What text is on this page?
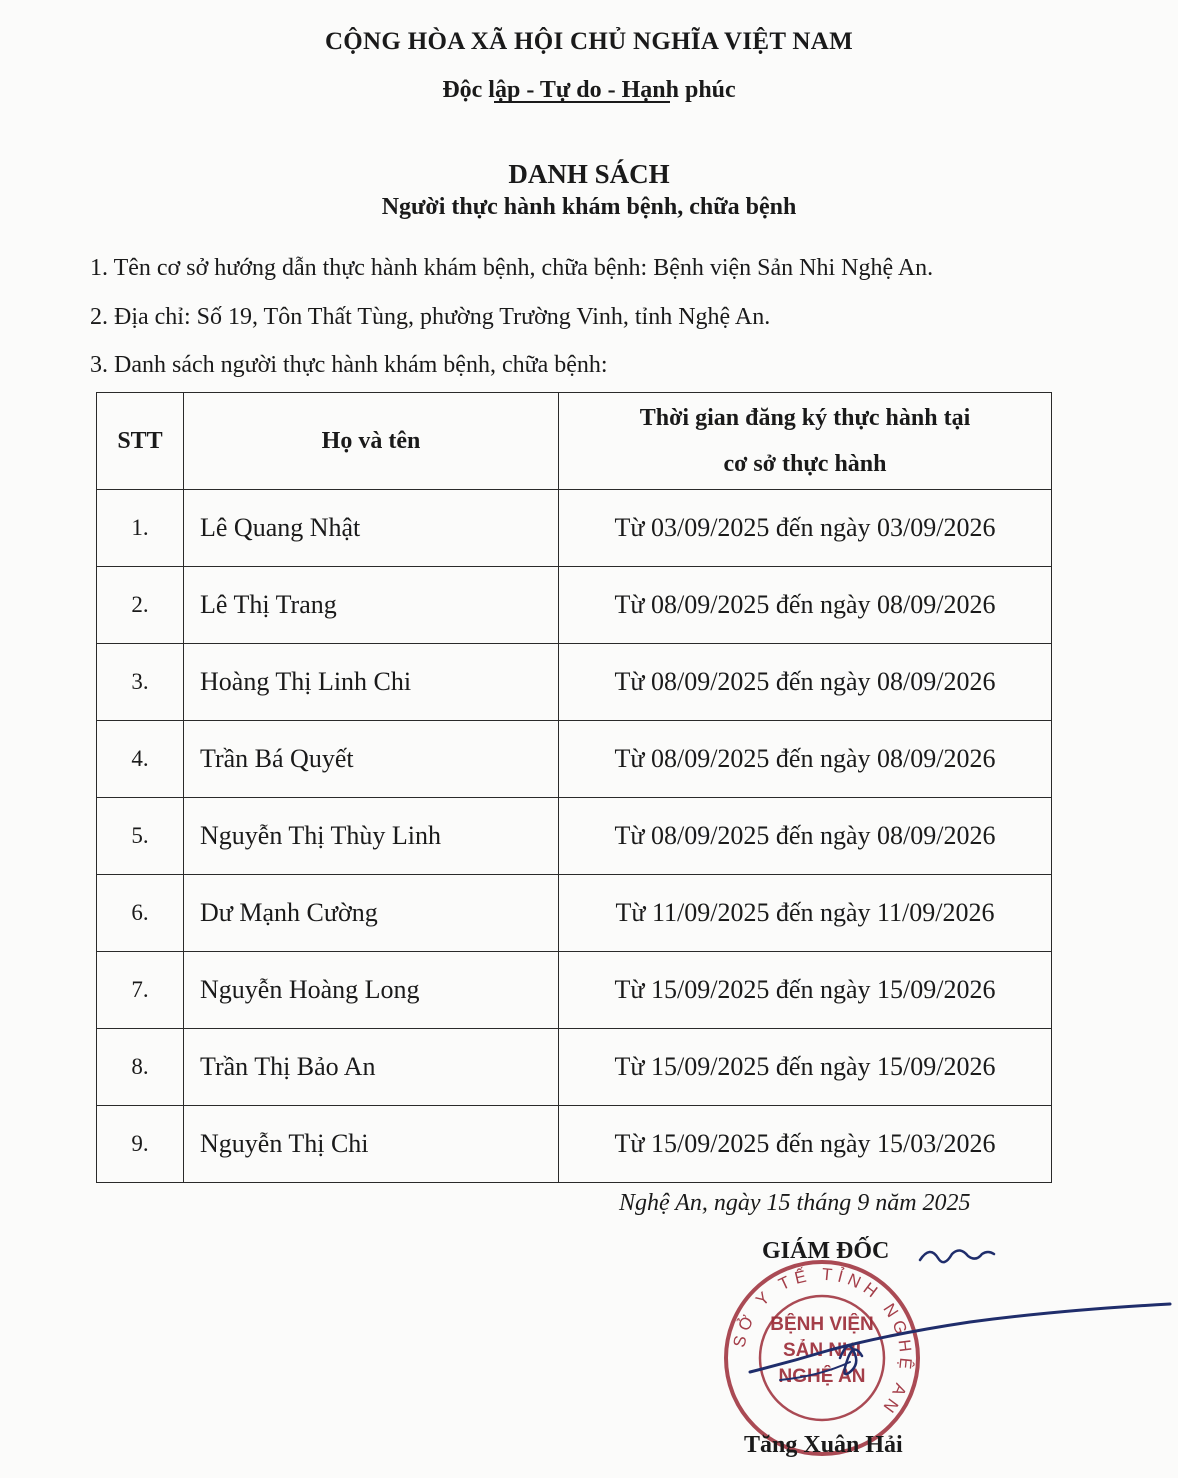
CỘNG HÒA XÃ HỘI CHỦ NGHĨA VIỆT NAM
Độc lập - Tự do - Hạnh phúc
DANH SÁCH
Người thực hành khám bệnh, chữa bệnh
1. Tên cơ sở hướng dẫn thực hành khám bệnh, chữa bệnh: Bệnh viện Sản Nhi Nghệ An.
2. Địa chỉ: Số 19, Tôn Thất Tùng, phường Trường Vinh, tỉnh Nghệ An.
3. Danh sách người thực hành khám bệnh, chữa bệnh:
STT	Họ và tên	Thời gian đăng ký thực hành tại
cơ sở thực hành
1.	Lê Quang Nhật	Từ 03/09/2025 đến ngày 03/09/2026
2.	Lê Thị Trang	Từ 08/09/2025 đến ngày 08/09/2026
3.	Hoàng Thị Linh Chi	Từ 08/09/2025 đến ngày 08/09/2026
4.	Trần Bá Quyết	Từ 08/09/2025 đến ngày 08/09/2026
5.	Nguyễn Thị Thùy Linh	Từ 08/09/2025 đến ngày 08/09/2026
6.	Dư Mạnh Cường	Từ 11/09/2025 đến ngày 11/09/2026
7.	Nguyễn Hoàng Long	Từ 15/09/2025 đến ngày 15/09/2026
8.	Trần Thị Bảo An	Từ 15/09/2025 đến ngày 15/09/2026
9.	Nguyễn Thị Chi	Từ 15/09/2025 đến ngày 15/03/2026
Nghệ An, ngày 15 tháng 9 năm 2025
GIÁM ĐỐC
SỞ Y TẾ TỈNH NGHỆ AN
BỆNH VIỆN
SẢN NHI
NGHỆ AN
Tăng Xuân Hải
